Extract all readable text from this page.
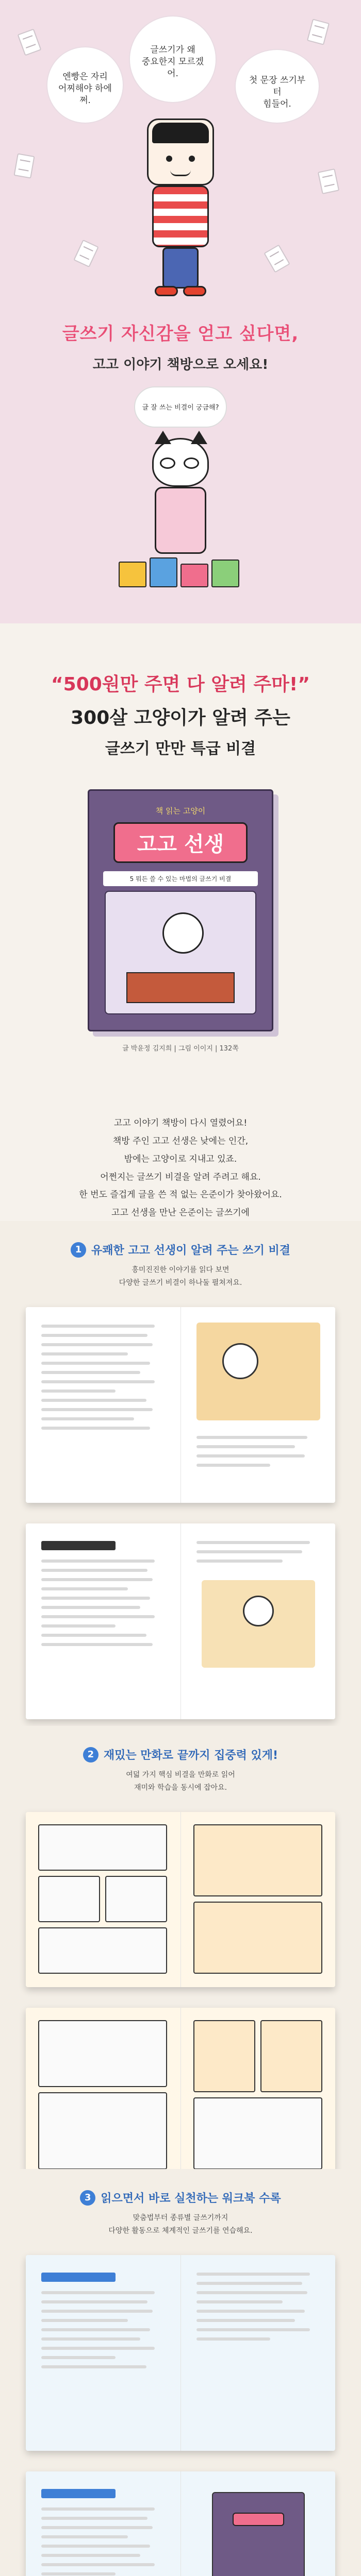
엔빵은 자리
어찌해야 하에쩌.
글쓰기가 왜
중요한지 모르겠어.
첫 문장 쓰기부터
힘들어.
글쓰기 자신감을 얻고 싶다면,
고고 이야기 책방으로 오세요!
글 잘 쓰는 비결이 궁금해?
“500원만 주면 다 알려 주마!”
300살 고양이가 알려 주는
글쓰기 만만 특급 비결
책 읽는 고양이
고고 선생
5 뭐든 쓸 수 있는 마법의 글쓰기 비결
글 박윤정 김지희 | 그림 이이지 | 132쪽
고고 이야기 책방이 다시 열렸어요!
책방 주인 고고 선생은 낮에는 인간,
밤에는 고양이로 지내고 있죠.
어쩐지는 글쓰기 비결을 알려 주려고 해요.
한 번도 즐겁게 글을 쓴 적 없는 은준이가 찾아왔어요.
고고 선생을 만난 은준이는 글쓰기에
1 유쾌한 고고 선생이 알려 주는 쓰기 비결
흥미진진한 이야기를 읽다 보면
다양한 글쓰기 비결이 하나둘 펼쳐져요.
2 재밌는 만화로 끝까지 집중력 있게!
여덟 가지 핵심 비결을 만화로 읽어
재미와 학습을 동시에 잡아요.
3 읽으면서 바로 실천하는 워크북 수록
맞춤법부터 종류별 글쓰기까지
다양한 활동으로 체계적인 글쓰기를 연습해요.
